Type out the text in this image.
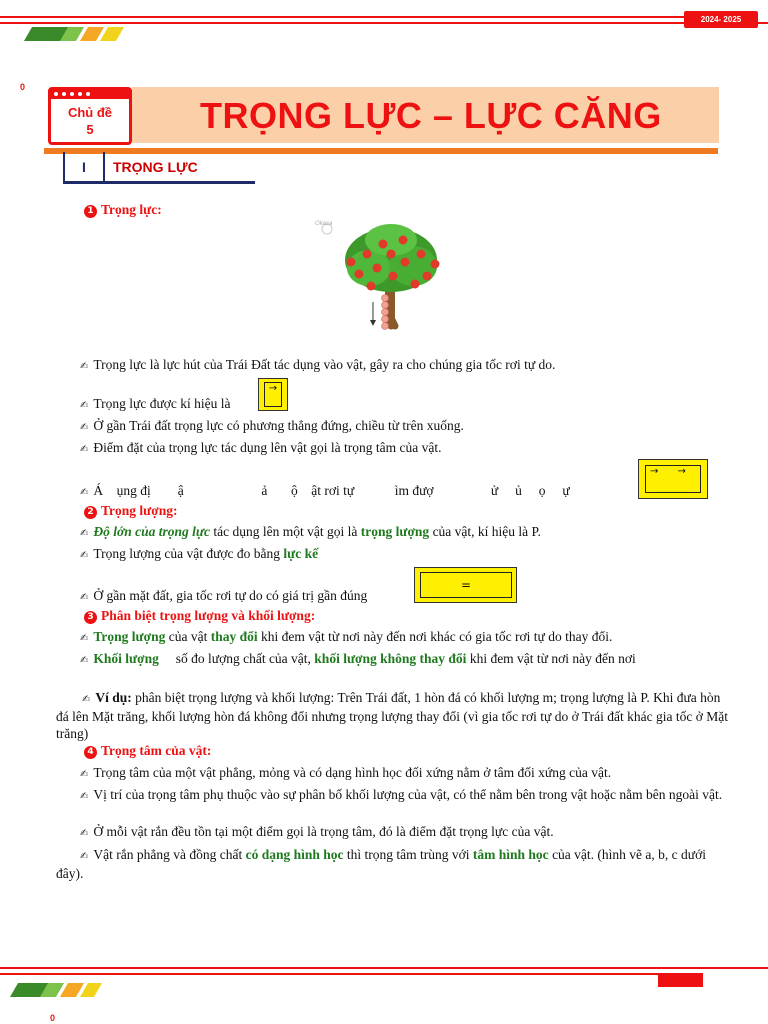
2024- 2025
0
Chủ đề
5	TRỌNG LỰC – LỰC CĂNG
I	TRỌNG LỰC
1 Trọng lực:
Okasa
✍ Trọng lực là lực hút của Trái Đất tác dụng vào vật, gây ra cho chúng gia tốc rơi tự do.
✍ Trọng lực được kí hiệu là
→
✍ Ở gần Trái đất trọng lực có phương thẳng đứng, chiều từ trên xuống.
✍ Điểm đặt của trọng lực tác dụng lên vật gọi là trọng tâm của vật.
✍ Á    ụng đị        ậ                       ả       ộ    ật rơi tự            ìm đượ                 ử     ủ     ọ     ự
→      →
2 Trọng lượng:
✍ Độ lớn của trọng lực tác dụng lên một vật gọi là trọng lượng của vật, kí hiệu là P.
✍ Trọng lượng của vật được đo bằng lực kế
✍ Ở gần mặt đất, gia tốc rơi tự do có giá trị gần đúng
=
3 Phân biệt trọng lượng và khối lượng:
✍ Trọng lượng của vật thay đổi khi đem vật từ nơi này đến nơi khác có gia tốc rơi tự do thay đổi.
✍ Khối lượng     số đo lượng chất của vật, khối lượng không thay đổi khi đem vật từ nơi này đến nơi
✍ Ví dụ: phân biệt trọng lượng và khối lượng: Trên Trái đất, 1 hòn đá có khối lượng m; trọng lượng là P. Khi đưa hòn đá lên Mặt trăng, khối lượng hòn đá không đổi nhưng trọng lượng thay đổi (vì gia tốc rơi tự do ở Trái đất khác gia tốc ở Mặt trăng)
4 Trọng tâm của vật:
✍ Trọng tâm của một vật phẳng, mỏng và có dạng hình học đối xứng nằm ở tâm đối xứng của vật.
✍ Vị trí của trọng tâm phụ thuộc vào sự phân bố khối lượng của vật, có thể nằm bên trong vật hoặc nằm bên ngoài vật.
✍ Ở mỗi vật rắn đều tồn tại một điểm gọi là trọng tâm, đó là điểm đặt trọng lực của vật.
✍ Vật rắn phẳng và đồng chất có dạng hình học thì trọng tâm trùng với tâm hình học của vật. (hình vẽ a, b, c dưới đây).
0
